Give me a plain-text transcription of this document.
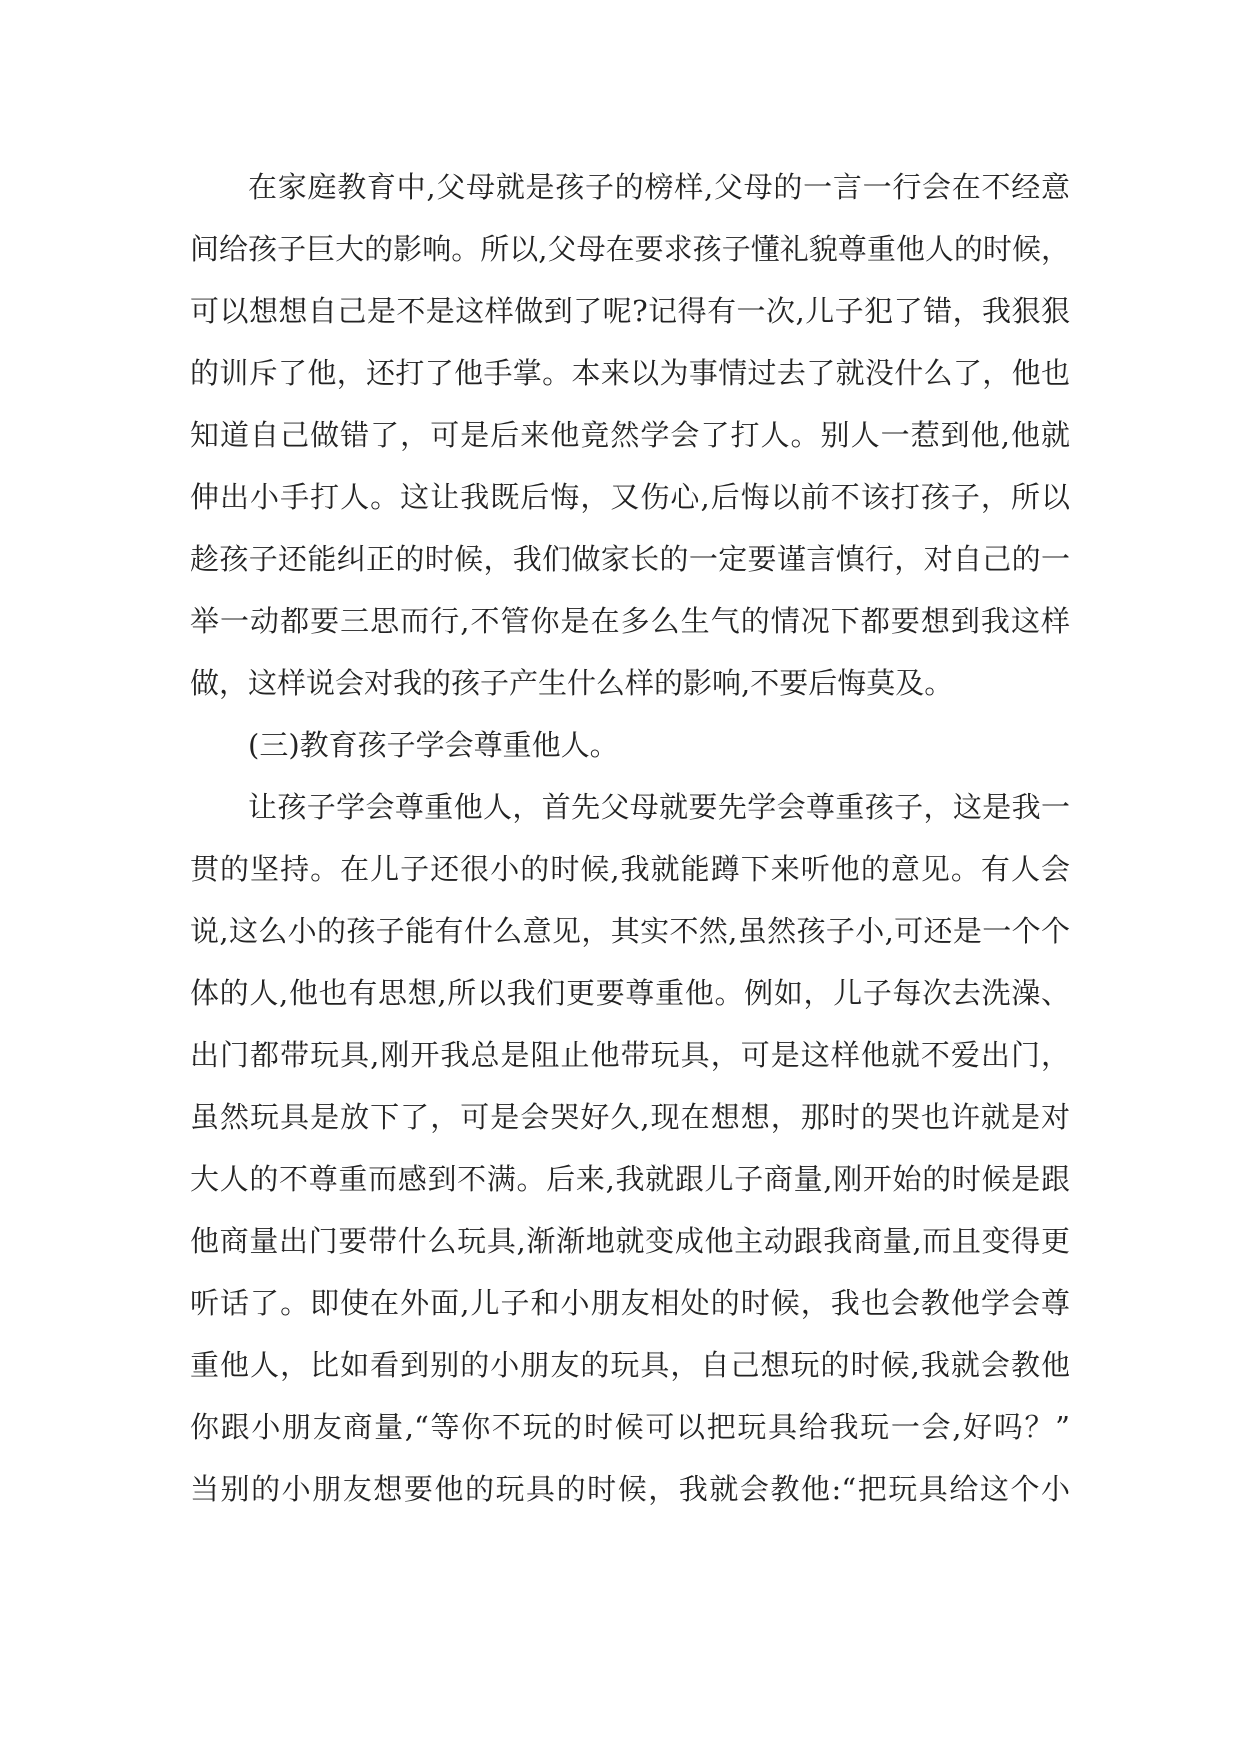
在家庭教育中,父母就是孩子的榜样,父母的一言一行会在不经意
间给孩子巨大的影响。所以,父母在要求孩子懂礼貌尊重他人的时候，
可以想想自己是不是这样做到了呢?记得有一次,儿子犯了错，我狠狠
的训斥了他，还打了他手掌。本来以为事情过去了就没什么了，他也
知道自己做错了，可是后来他竟然学会了打人。别人一惹到他,他就
伸出小手打人。这让我既后悔，又伤心,后悔以前不该打孩子，所以
趁孩子还能纠正的时候，我们做家长的一定要谨言慎行，对自己的一
举一动都要三思而行,不管你是在多么生气的情况下都要想到我这样
做，这样说会对我的孩子产生什么样的影响,不要后悔莫及。
(三)教育孩子学会尊重他人。
让孩子学会尊重他人，首先父母就要先学会尊重孩子，这是我一
贯的坚持。在儿子还很小的时候,我就能蹲下来听他的意见。有人会
说,这么小的孩子能有什么意见，其实不然,虽然孩子小,可还是一个个
体的人,他也有思想,所以我们更要尊重他。例如，儿子每次去洗澡、
出门都带玩具,刚开我总是阻止他带玩具，可是这样他就不爱出门，
虽然玩具是放下了，可是会哭好久,现在想想，那时的哭也许就是对
大人的不尊重而感到不满。后来,我就跟儿子商量,刚开始的时候是跟
他商量出门要带什么玩具,渐渐地就变成他主动跟我商量,而且变得更
听话了。即使在外面,儿子和小朋友相处的时候，我也会教他学会尊
重他人，比如看到别的小朋友的玩具，自己想玩的时候,我就会教他
你跟小朋友商量,“等你不玩的时候可以把玩具给我玩一会,好吗？”
当别的小朋友想要他的玩具的时候，我就会教他:“把玩具给这个小
